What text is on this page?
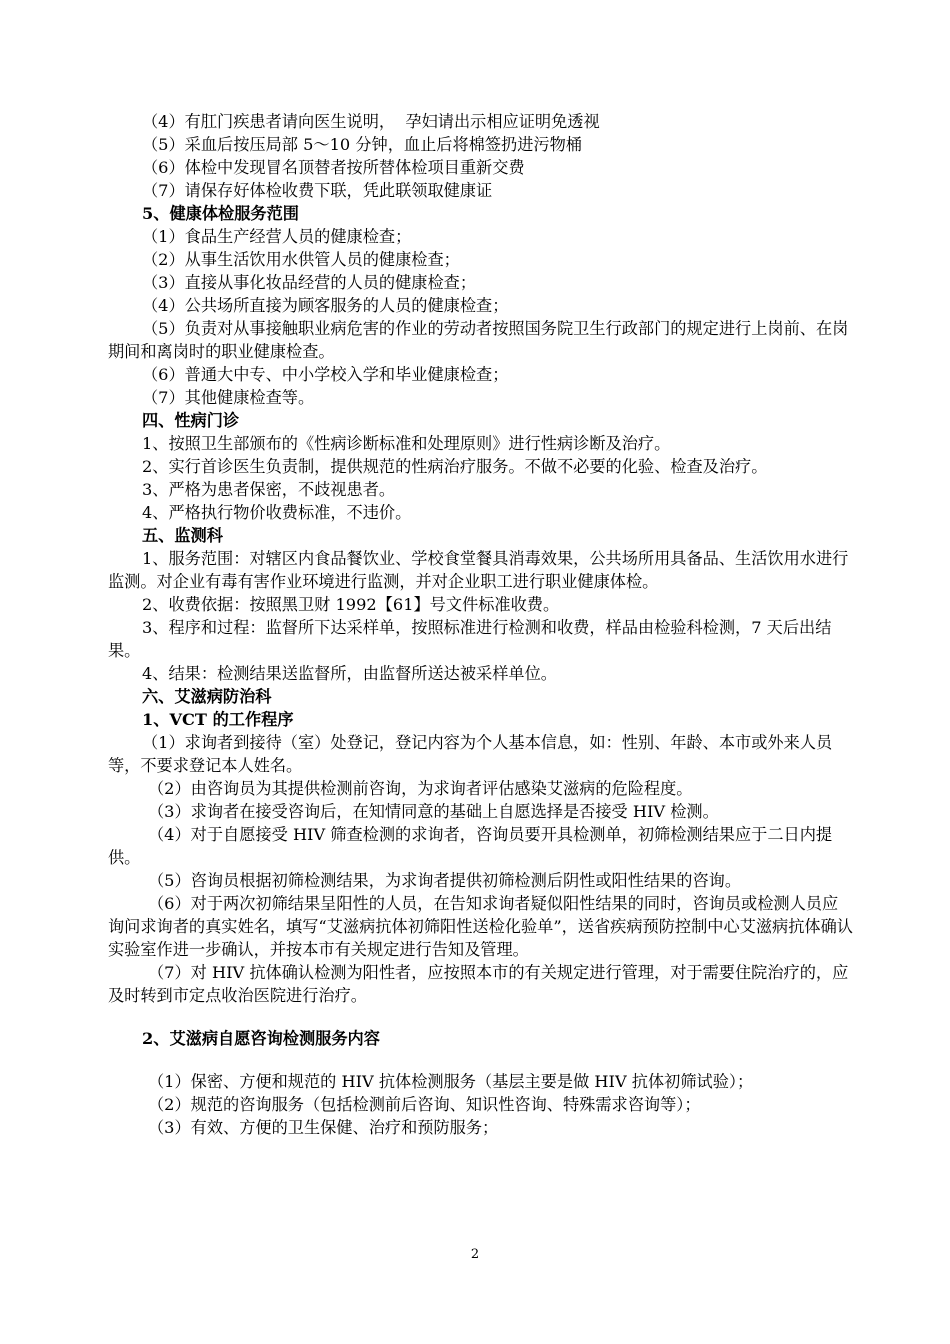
（4）有肛门疾患者请向医生说明，  孕妇请出示相应证明免透视

（5）采血后按压局部 5～10 分钟，血止后将棉签扔进污物桶

（6）体检中发现冒名顶替者按所替体检项目重新交费

（7）请保存好体检收费下联，凭此联领取健康证

5、健康体检服务范围

（1）食品生产经营人员的健康检查；

（2）从事生活饮用水供管人员的健康检查；

（3）直接从事化妆品经营的人员的健康检查；

（4）公共场所直接为顾客服务的人员的健康检查；

（5）负责对从事接触职业病危害的作业的劳动者按照国务院卫生行政部门的规定进行上岗前、在岗期间和离岗时的职业健康检查。

（6）普通大中专、中小学校入学和毕业健康检查；

（7）其他健康检查等。

四、性病门诊

1、按照卫生部颁布的《性病诊断标准和处理原则》进行性病诊断及治疗。

2、实行首诊医生负责制，提供规范的性病治疗服务。不做不必要的化验、检查及治疗。

3、严格为患者保密，不歧视患者。

4、严格执行物价收费标准，不违价。

五、监测科

1、服务范围：对辖区内食品餐饮业、学校食堂餐具消毒效果，公共场所用具备品、生活饮用水进行监测。对企业有毒有害作业环境进行监测，并对企业职工进行职业健康体检。

2、收费依据：按照黑卫财 1992【61】号文件标准收费。

3、程序和过程：监督所下达采样单，按照标准进行检测和收费，样品由检验科检测，7 天后出结果。

4、结果：检测结果送监督所，由监督所送达被采样单位。

六、艾滋病防治科

1、VCT 的工作程序

（1）求询者到接待（室）处登记，登记内容为个人基本信息，如：性别、年龄、本市或外来人员等，不要求登记本人姓名。

（2）由咨询员为其提供检测前咨询，为求询者评估感染艾滋病的危险程度。

（3）求询者在接受咨询后，在知情同意的基础上自愿选择是否接受 HIV 检测。

（4）对于自愿接受 HIV 筛查检测的求询者，咨询员要开具检测单，初筛检测结果应于二日内提供。

（5）咨询员根据初筛检测结果，为求询者提供初筛检测后阴性或阳性结果的咨询。

（6）对于两次初筛结果呈阳性的人员，在告知求询者疑似阳性结果的同时，咨询员或检测人员应询问求询者的真实姓名，填写“艾滋病抗体初筛阳性送检化验单”，送省疾病预防控制中心艾滋病抗体确认实验室作进一步确认，并按本市有关规定进行告知及管理。

（7）对 HIV 抗体确认检测为阳性者，应按照本市的有关规定进行管理，对于需要住院治疗的，应及时转到市定点收治医院进行治疗。

2、艾滋病自愿咨询检测服务内容

（1）保密、方便和规范的 HIV 抗体检测服务（基层主要是做 HIV 抗体初筛试验）；

（2）规范的咨询服务（包括检测前后咨询、知识性咨询、特殊需求咨询等）；

（3）有效、方便的卫生保健、治疗和预防服务；

2
